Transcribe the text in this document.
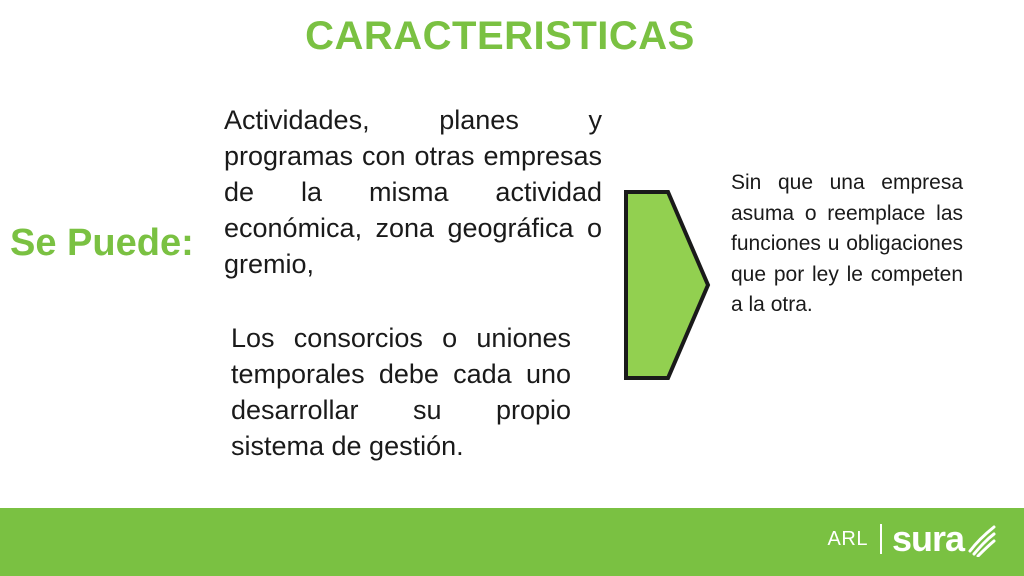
CARACTERISTICAS
Se Puede:
Actividades, planes y programas con otras empresas de la misma actividad económica, zona geográfica o gremio,
Los consorcios o uniones temporales debe cada uno desarrollar su propio sistema de gestión.
Sin que una empresa asuma o reemplace las funciones u obligaciones que por ley le competen a la otra.
ARL sura
